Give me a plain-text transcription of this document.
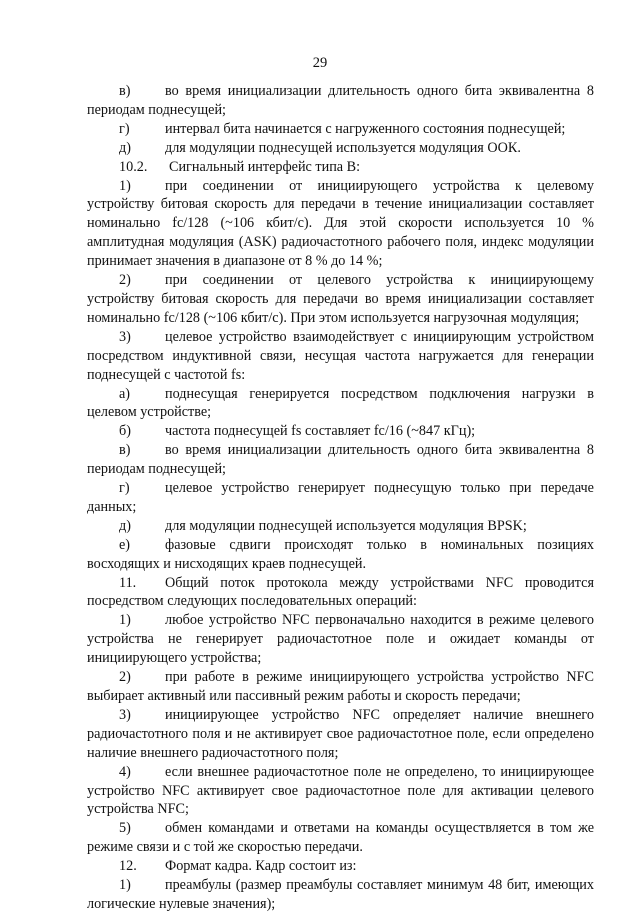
29

в) во время инициализации длительность одного бита эквивалентна 8 периодам поднесущей;

г) интервал бита начинается с нагруженного состояния поднесущей;

д) для модуляции поднесущей используется модуляция ООК.

10.2. Сигнальный интерфейс типа В:

1) при соединении от инициирующего устройства к целевому устройству битовая скорость для передачи в течение инициализации составляет номинально fc/128 (~106 кбит/с). Для этой скорости используется 10 % амплитудная модуляция (ASK) радиочастотного рабочего поля, индекс модуляции принимает значения в диапазоне от 8 % до 14 %;

2) при соединении от целевого устройства к инициирующему устройству битовая скорость для передачи во время инициализации составляет номинально fc/128 (~106 кбит/с). При этом используется нагрузочная модуляция;

3) целевое устройство взаимодействует с инициирующим устройством посредством индуктивной связи, несущая частота нагружается для генерации поднесущей с частотой fs:

а) поднесущая генерируется посредством подключения нагрузки в целевом устройстве;

б) частота поднесущей fs составляет fc/16 (~847 кГц);

в) во время инициализации длительность одного бита эквивалентна 8 периодам поднесущей;

г) целевое устройство генерирует поднесущую только при передаче данных;

д) для модуляции поднесущей используется модуляция BPSK;

е) фазовые сдвиги происходят только в номинальных позициях восходящих и нисходящих краев поднесущей.

11. Общий поток протокола между устройствами NFC проводится посредством следующих последовательных операций:

1) любое устройство NFC первоначально находится в режиме целевого устройства не генерирует радиочастотное поле и ожидает команды от инициирующего устройства;

2) при работе в режиме инициирующего устройства устройство NFC выбирает активный или пассивный режим работы и скорость передачи;

3) инициирующее устройство NFC определяет наличие внешнего радиочастотного поля и не активирует свое радиочастотное поле, если определено наличие внешнего радиочастотного поля;

4) если внешнее радиочастотное поле не определено, то инициирующее устройство NFC активирует свое радиочастотное поле для активации целевого устройства NFC;

5) обмен командами и ответами на команды осуществляется в том же режиме связи и с той же скоростью передачи.

12. Формат кадра. Кадр состоит из:

1) преамбулы (размер преамбулы составляет минимум 48 бит, имеющих логические нулевые значения);
